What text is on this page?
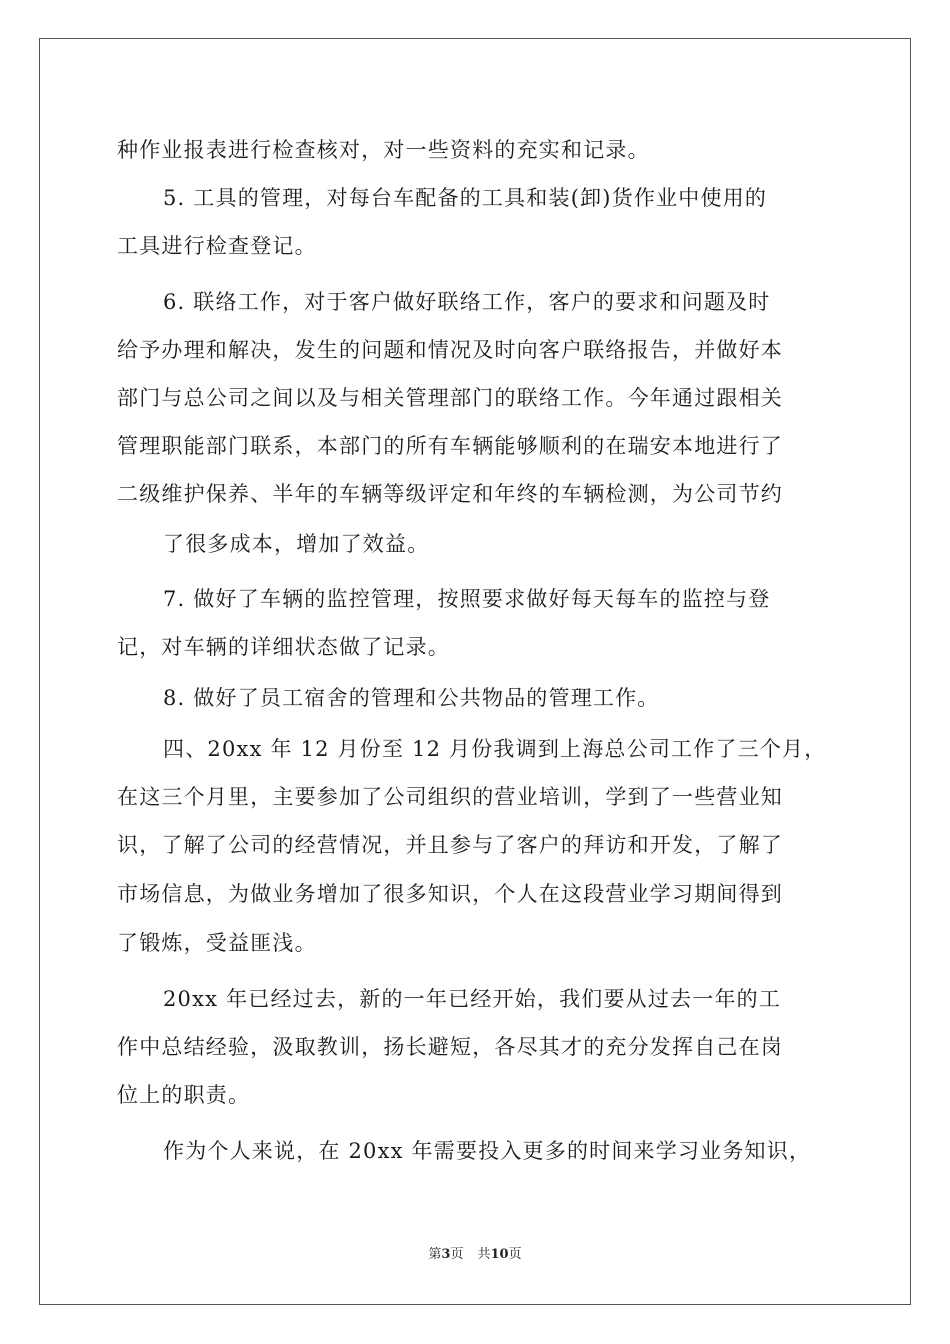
种作业报表进行检查核对，对一些资料的充实和记录。
5. 工具的管理，对每台车配备的工具和装(卸)货作业中使用的
工具进行检查登记。
6. 联络工作，对于客户做好联络工作，客户的要求和问题及时
给予办理和解决，发生的问题和情况及时向客户联络报告，并做好本
部门与总公司之间以及与相关管理部门的联络工作。今年通过跟相关
管理职能部门联系，本部门的所有车辆能够顺利的在瑞安本地进行了
二级维护保养、半年的车辆等级评定和年终的车辆检测，为公司节约
了很多成本，增加了效益。
7. 做好了车辆的监控管理，按照要求做好每天每车的监控与登
记，对车辆的详细状态做了记录。
8. 做好了员工宿舍的管理和公共物品的管理工作。
四、20xx 年 12 月份至 12 月份我调到上海总公司工作了三个月，
在这三个月里，主要参加了公司组织的营业培训，学到了一些营业知
识，了解了公司的经营情况，并且参与了客户的拜访和开发，了解了
市场信息，为做业务增加了很多知识，个人在这段营业学习期间得到
了锻炼，受益匪浅。
20xx 年已经过去，新的一年已经开始，我们要从过去一年的工
作中总结经验，汲取教训，扬长避短，各尽其才的充分发挥自己在岗
位上的职责。
作为个人来说，在 20xx 年需要投入更多的时间来学习业务知识，
第3页 共10页
